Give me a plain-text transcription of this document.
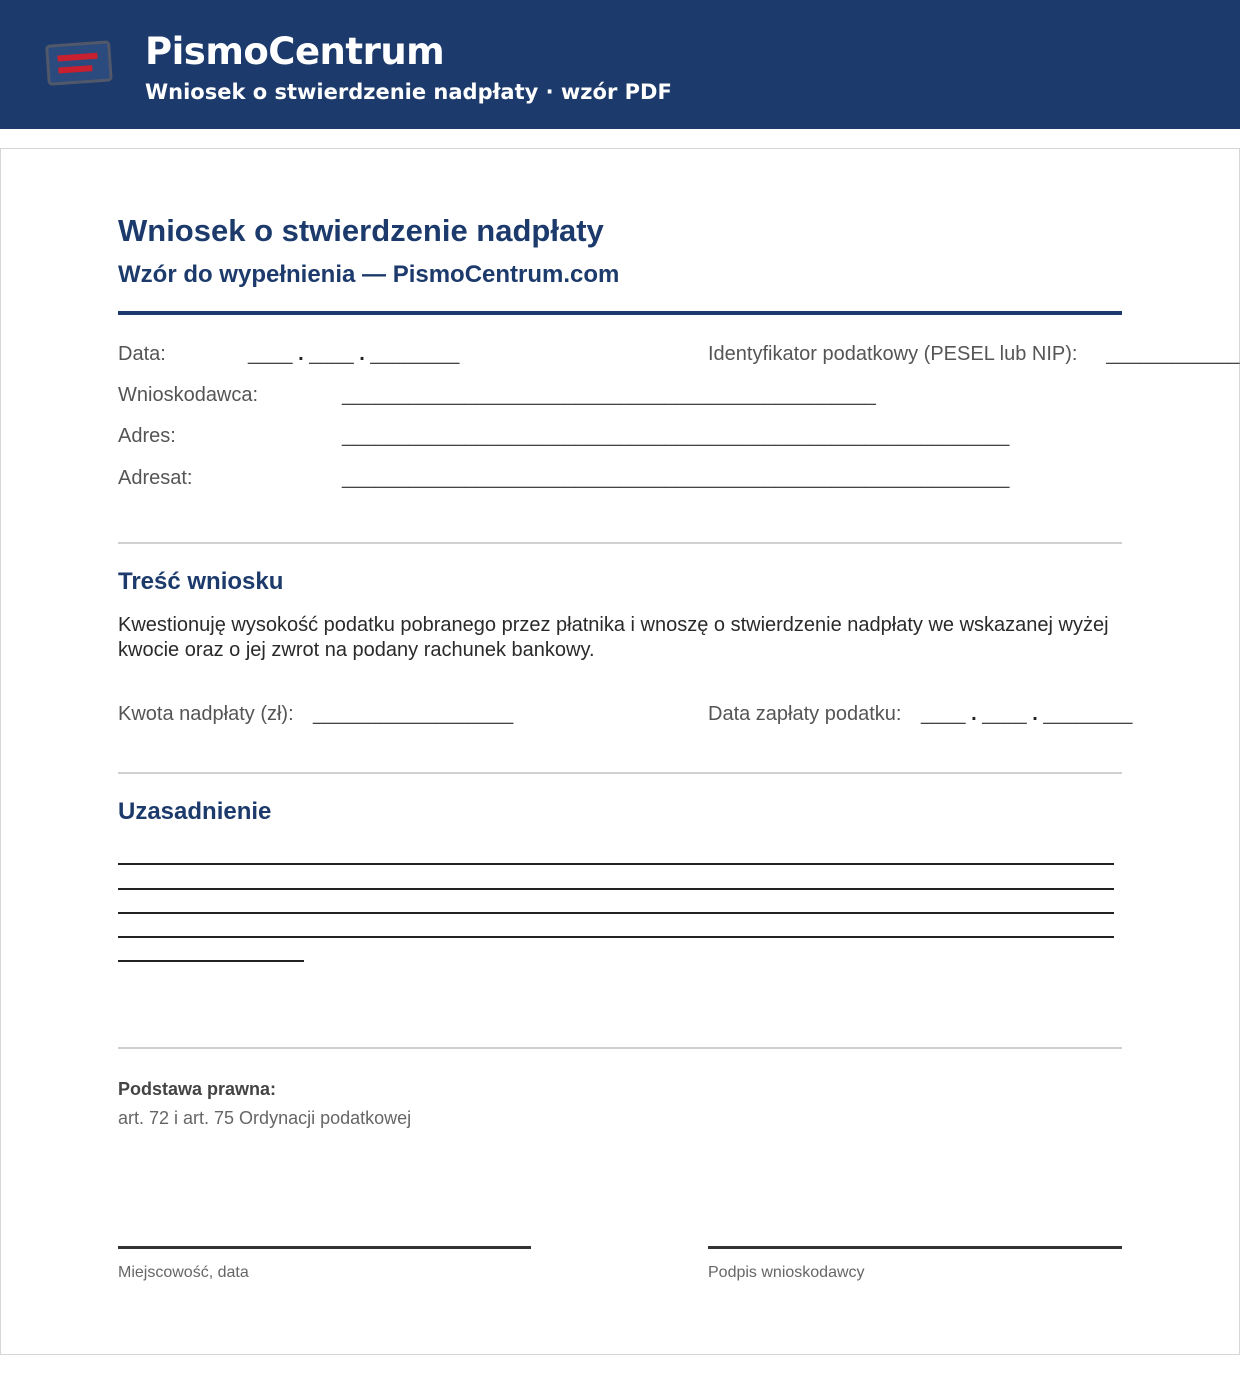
PismoCentrum
Wniosek o stwierdzenie nadpłaty · wzór PDF
Wniosek o stwierdzenie nadpłaty
Wzór do wypełnienia — PismoCentrum.com
Data:	____ . ____ . ________	Identyfikator podatkowy (PESEL lub NIP): ____________
Wnioskodawca:	________________________________________________
Adres:	____________________________________________________________
Adresat:	____________________________________________________________
Treść wniosku
Kwestionuję wysokość podatku pobranego przez płatnika i wnoszę o stwierdzenie nadpłaty we wskazanej wyżej kwocie oraz o jej zwrot na podany rachunek bankowy.
Kwota nadpłaty (zł): __________________	Data zapłaty podatku: ____ . ____ . ________
Uzasadnienie
Podstawa prawna:
art. 72 i art. 75 Ordynacji podatkowej
Miejscowość, data	Podpis wnioskodawcy
